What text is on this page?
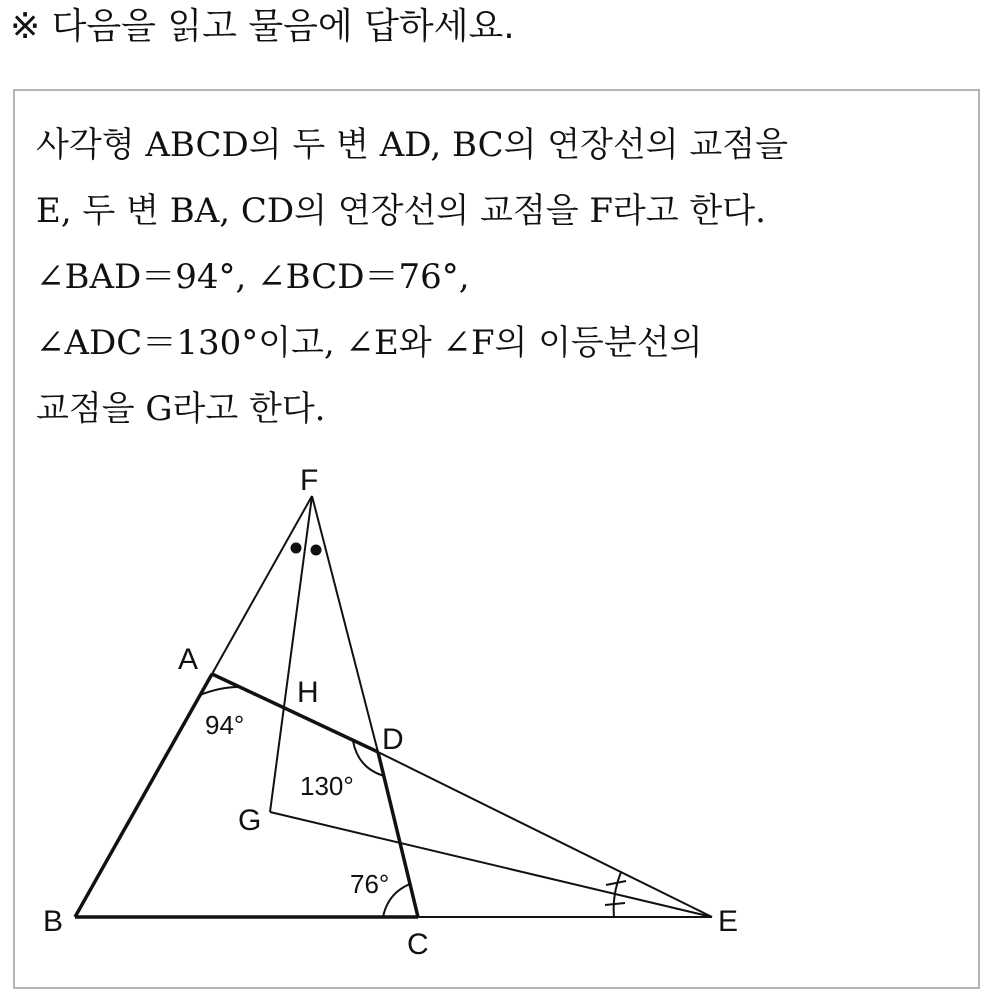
※ 다음을 읽고 물음에 답하세요.
사각형 ABCD의 두 변 AD, BC의 연장선의 교점을
E, 두 변 BA, CD의 연장선의 교점을 F라고 한다.
∠BAD＝94°, ∠BCD＝76°,
∠ADC＝130°이고, ∠E와 ∠F의 이등분선의
교점을 G라고 한다.
F
A
H
D
G
B
C
E
94°
130°
76°
